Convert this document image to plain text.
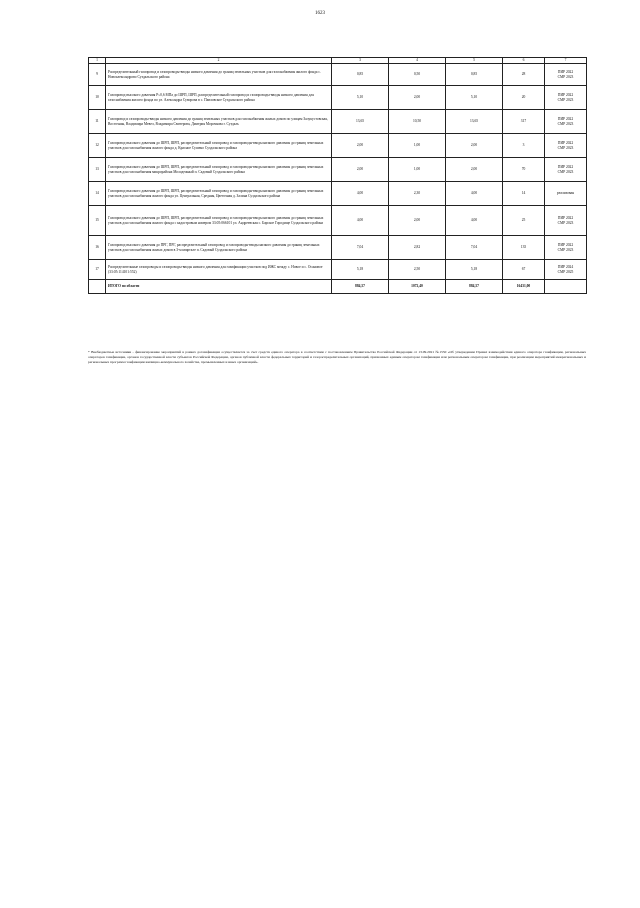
1623
1	2	3	4	5	6	7
9	Распределительный газопровод и газопроводы-вводы низкого давления до границ земельных участков для газоснабжения жилого фонда с. Новоалександрово Суздальского района	0,85	0,50	0,85	28	ПИР 2022
СМР 2023

10	Газопровод высокого давления Р≤0,6 МПа до ШРП, ШРП, распределительный газопровод и газопроводы-вводы низкого давления для газоснабжения жилого фонда по ул. Александра Суворова в с. Павловское Суздальского района	5,10	2,00	5,10	20	ПИР 2022
СМР 2023

11	Газопровод и газопроводы-вводы низкого давления до границ земельных участков для газоснабжения жилых домов по улицам Залукустовская, Восточная, Владимира Мевел, Владимира Свитерова, Дмитрия Морочкова г. Суздаль	13,65	10,50	13,65	317	ПИР 2022
СМР 2023

12	Газопровод высокого давления до ШРП, ШРП, распределительный газопровод и газопроводы-вводы низкого давления до границ земельных участков для газоснабжения жилого фонда д. Красное Сушено Суздальского района	2,00	1,00	2,00	3	ПИР 2022
СМР 2023

13	Газопровод высокого давления до ШРП, ШРП, распределительный газопровод и газопроводы-вводы низкого давления до границ земельных участков для газоснабжения микрорайона Молодежный п. Садовый Суздальского района	2,00	1,00	2,00	70	ПИР 2022
СМР 2023

14	Газопровод высокого давления до ШРП, ШРП, распределительный газопровод и газопроводы-вводы низкого давления до границ земельных участков для газоснабжения жилого фонда ул. Центральная, Средняя, Цветочная д. Залина Суздальского района	4,00	2,30	4,00	14	реализован

15	Газопровод высокого давления до ШРП, ШРП, распределительный газопровод и газопроводы-вводы низкого давления до границ земельных участков для газоснабжения жилого фонда с кадастровым номером 33:05:066101 ул. Андреевская с. Барское Городище Суздальского района	4,00	2,00	4,00	25	ПИР 2022
СМР 2023

16	Газопровод высокого давления до ПРГ, ПРГ, распределительный газопровод и газопроводы-вводы низкого давления до границ земельных участков для газоснабжения жилых домов в 3-м квартале п. Садовый Суздальского района	7,04	2,82	7,04	135	ПИР 2022
СМР 2023

17	Распределительные газопроводы и газопроводы-вводы низкого давления для газификации участков под ИЖС между с. Новое и с. Осановое (33:05:114101:552)	5,18	2,50	5,18	67	ПИР 2024
СМР 2025

	ИТОГО по области	884,57	1072,40	884,57	16431,00	
* Внебюджетные источники - финансирование мероприятий в рамках догазификации осуществляется за счет средств единого оператора в соответствии с постановлением Правительства Российской Федерации от 13.09.2021 №1550 «Об утверждении Правил взаимодействия единого оператора газификации, региональных операторов газификации, органов государственной власти субъектов Российской Федерации, органов публичной власти федеральных территорий и газораспределительных организаций, признанных единым оператором газификации или региональным оператором газификации, при реализации мероприятий межрегиональных и региональных программ газификации жилищно-коммунального хозяйства, промышленных и иных организаций».
